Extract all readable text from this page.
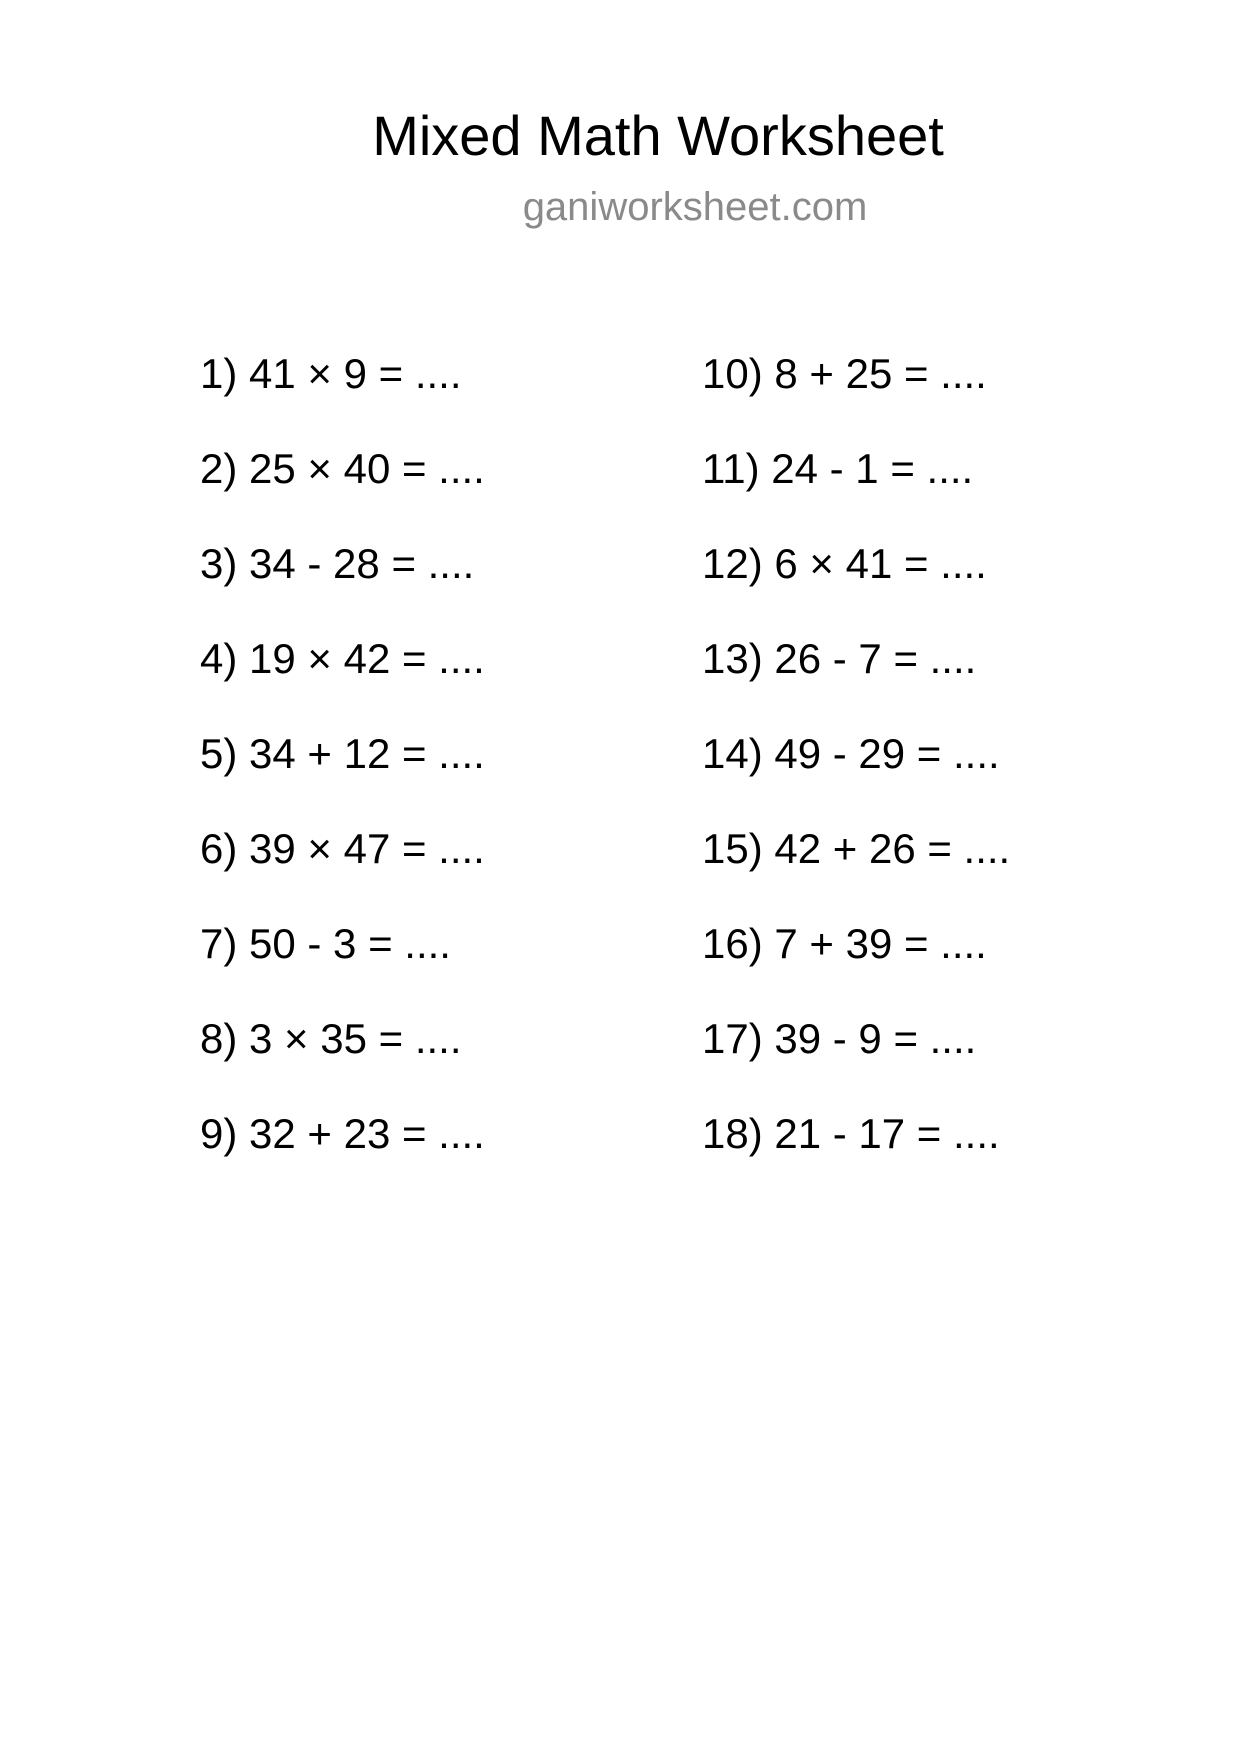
Mixed Math Worksheet
ganiworksheet.com
1) 41 × 9 = ....
2) 25 × 40 = ....
3) 34 - 28 = ....
4) 19 × 42 = ....
5) 34 + 12 = ....
6) 39 × 47 = ....
7) 50 - 3 = ....
8) 3 × 35 = ....
9) 32 + 23 = ....
10) 8 + 25 = ....
11) 24 - 1 = ....
12) 6 × 41 = ....
13) 26 - 7 = ....
14) 49 - 29 = ....
15) 42 + 26 = ....
16) 7 + 39 = ....
17) 39 - 9 = ....
18) 21 - 17 = ....
